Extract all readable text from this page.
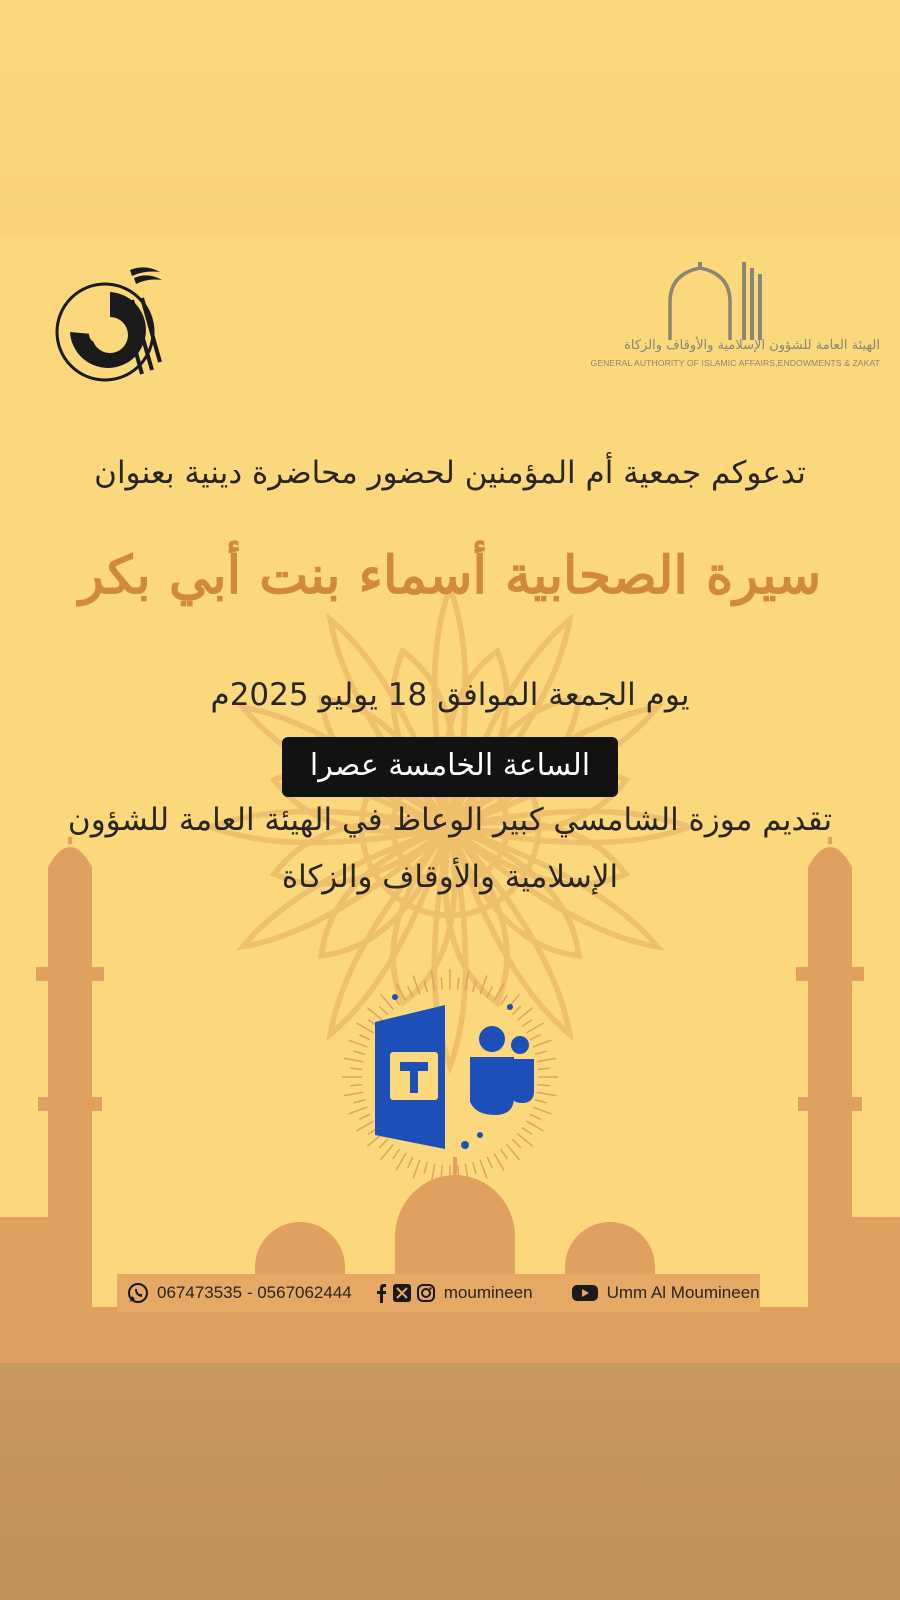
الهيئة العامة للشؤون الإسلامية والأوقاف والزكاة
GENERAL AUTHORITY OF ISLAMIC AFFAIRS,ENDOWMENTS & ZAKAT
تدعوكم جمعية أم المؤمنين لحضور محاضرة دينية بعنوان
سيرة الصحابية أسماء بنت أبي بكر
يوم الجمعة الموافق 18 يوليو 2025م
الساعة الخامسة عصرا
تقديم موزة الشامسي كبير الوعاظ في الهيئة العامة للشؤون
الإسلامية والأوقاف والزكاة
067473535 - 0567062444	moumineen	Umm Al Moumineen
